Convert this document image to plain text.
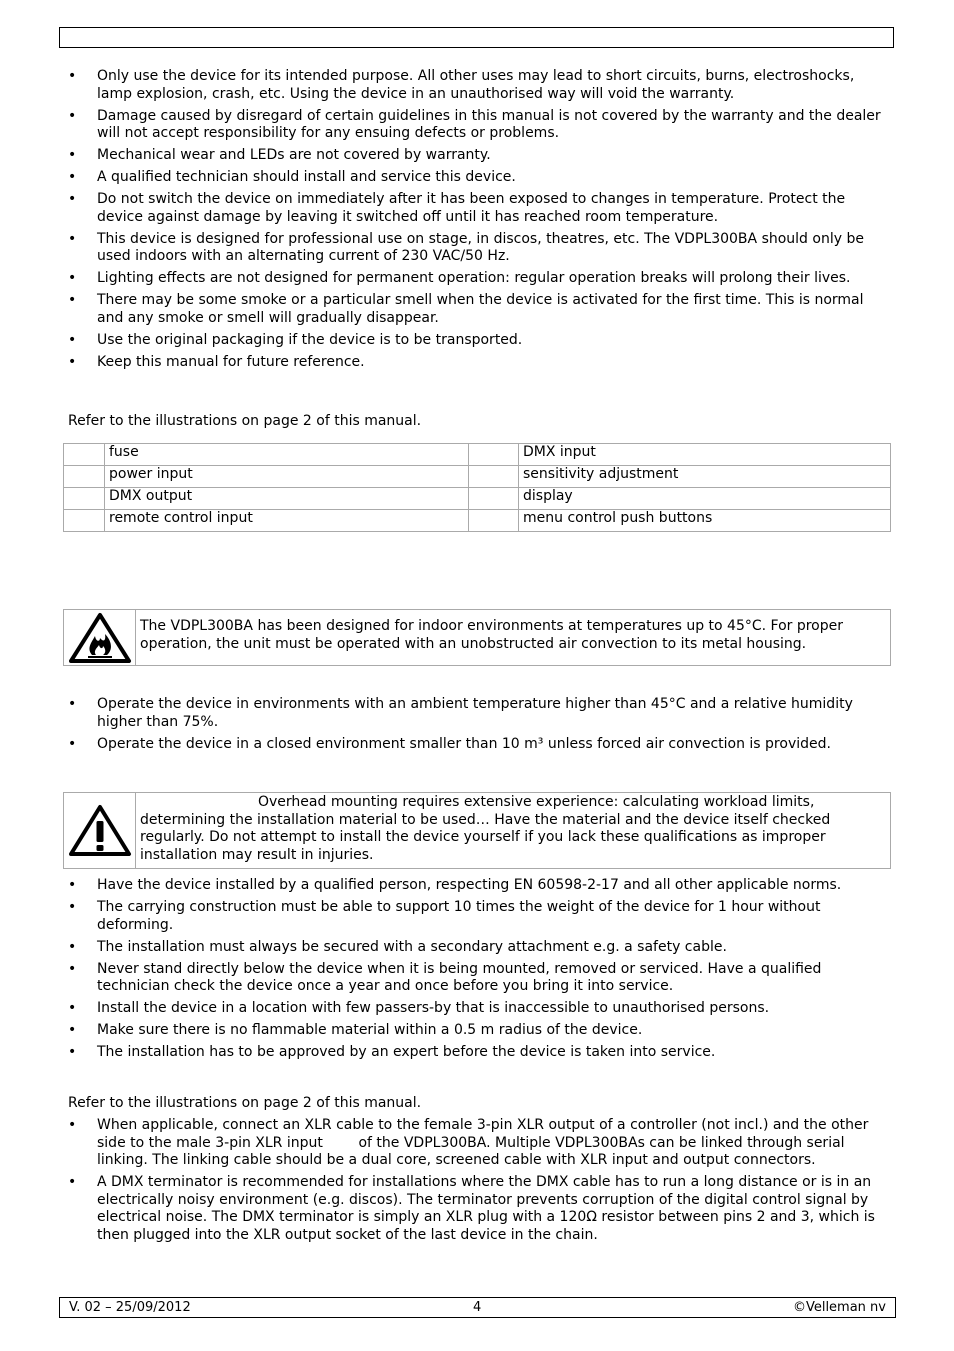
• Only use the device for its intended purpose. All other uses may lead to short circuits, burns, electroshocks, lamp explosion, crash, etc. Using the device in an unauthorised way will void the warranty.
• Damage caused by disregard of certain guidelines in this manual is not covered by the warranty and the dealer will not accept responsibility for any ensuing defects or problems.
• Mechanical wear and LEDs are not covered by warranty.
• A qualified technician should install and service this device.
• Do not switch the device on immediately after it has been exposed to changes in temperature. Protect the device against damage by leaving it switched off until it has reached room temperature.
• This device is designed for professional use on stage, in discos, theatres, etc. The VDPL300BA should only be used indoors with an alternating current of 230 VAC/50 Hz.
• Lighting effects are not designed for permanent operation: regular operation breaks will prolong their lives.
• There may be some smoke or a particular smell when the device is activated for the first time. This is normal and any smoke or smell will gradually disappear.
• Use the original packaging if the device is to be transported.
• Keep this manual for future reference.
Refer to the illustrations on page 2 of this manual.
	fuse		DMX input
	power input		sensitivity adjustment
	DMX output		display
	remote control input		menu control push buttons
The VDPL300BA has been designed for indoor environments at temperatures up to 45°C. For proper operation, the unit must be operated with an unobstructed air convection to its metal housing.
• Operate the device in environments with an ambient temperature higher than 45°C and a relative humidity higher than 75%.
• Operate the device in a closed environment smaller than 10 m³ unless forced air convection is provided.
Overhead mounting requires extensive experience: calculating workload limits, determining the installation material to be used… Have the material and the device itself checked regularly. Do not attempt to install the device yourself if you lack these qualifications as improper installation may result in injuries.
• Have the device installed by a qualified person, respecting EN 60598-2-17 and all other applicable norms.
• The carrying construction must be able to support 10 times the weight of the device for 1 hour without deforming.
• The installation must always be secured with a secondary attachment e.g. a safety cable.
• Never stand directly below the device when it is being mounted, removed or serviced. Have a qualified technician check the device once a year and once before you bring it into service.
• Install the device in a location with few passers-by that is inaccessible to unauthorised persons.
• Make sure there is no flammable material within a 0.5 m radius of the device.
• The installation has to be approved by an expert before the device is taken into service.
Refer to the illustrations on page 2 of this manual.
• When applicable, connect an XLR cable to the female 3-pin XLR output of a controller (not incl.) and the other side to the male 3-pin XLR input        of the VDPL300BA. Multiple VDPL300BAs can be linked through serial linking. The linking cable should be a dual core, screened cable with XLR input and output connectors.
• A DMX terminator is recommended for installations where the DMX cable has to run a long distance or is in an electrically noisy environment (e.g. discos). The terminator prevents corruption of the digital control signal by electrical noise. The DMX terminator is simply an XLR plug with a 120Ω resistor between pins 2 and 3, which is then plugged into the XLR output socket of the last device in the chain.
V. 02 – 25/09/2012	4	©Velleman nv
